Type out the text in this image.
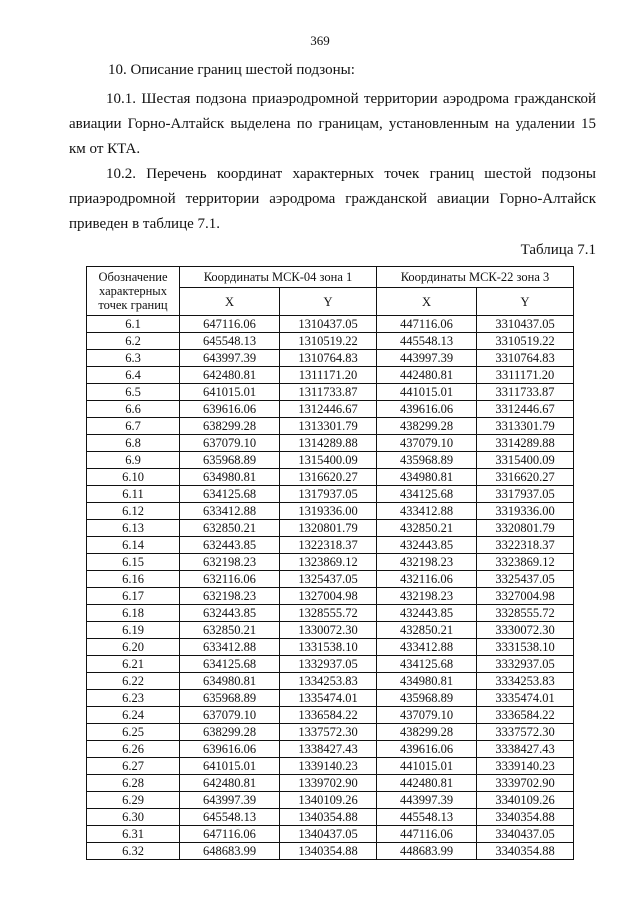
369
10. Описание границ шестой подзоны:

10.1. Шестая подзона приаэродромной территории аэродрома гражданской авиации Горно-Алтайск выделена по границам, установленным на удалении 15 км от КТА.

10.2. Перечень координат характерных точек границ шестой подзоны приаэродромной территории аэродрома гражданской авиации Горно-Алтайск приведен в таблице 7.1.

Таблица 7.1
Обозначение характерных точек границ	Координаты МСК-04 зона 1		Координаты МСК-22 зона 3	
	X	Y	X	Y
6.1	647116.06	1310437.05	447116.06	3310437.05
6.2	645548.13	1310519.22	445548.13	3310519.22
6.3	643997.39	1310764.83	443997.39	3310764.83
6.4	642480.81	1311171.20	442480.81	3311171.20
6.5	641015.01	1311733.87	441015.01	3311733.87
6.6	639616.06	1312446.67	439616.06	3312446.67
6.7	638299.28	1313301.79	438299.28	3313301.79
6.8	637079.10	1314289.88	437079.10	3314289.88
6.9	635968.89	1315400.09	435968.89	3315400.09
6.10	634980.81	1316620.27	434980.81	3316620.27
6.11	634125.68	1317937.05	434125.68	3317937.05
6.12	633412.88	1319336.00	433412.88	3319336.00
6.13	632850.21	1320801.79	432850.21	3320801.79
6.14	632443.85	1322318.37	432443.85	3322318.37
6.15	632198.23	1323869.12	432198.23	3323869.12
6.16	632116.06	1325437.05	432116.06	3325437.05
6.17	632198.23	1327004.98	432198.23	3327004.98
6.18	632443.85	1328555.72	432443.85	3328555.72
6.19	632850.21	1330072.30	432850.21	3330072.30
6.20	633412.88	1331538.10	433412.88	3331538.10
6.21	634125.68	1332937.05	434125.68	3332937.05
6.22	634980.81	1334253.83	434980.81	3334253.83
6.23	635968.89	1335474.01	435968.89	3335474.01
6.24	637079.10	1336584.22	437079.10	3336584.22
6.25	638299.28	1337572.30	438299.28	3337572.30
6.26	639616.06	1338427.43	439616.06	3338427.43
6.27	641015.01	1339140.23	441015.01	3339140.23
6.28	642480.81	1339702.90	442480.81	3339702.90
6.29	643997.39	1340109.26	443997.39	3340109.26
6.30	645548.13	1340354.88	445548.13	3340354.88
6.31	647116.06	1340437.05	447116.06	3340437.05
6.32	648683.99	1340354.88	448683.99	3340354.88
